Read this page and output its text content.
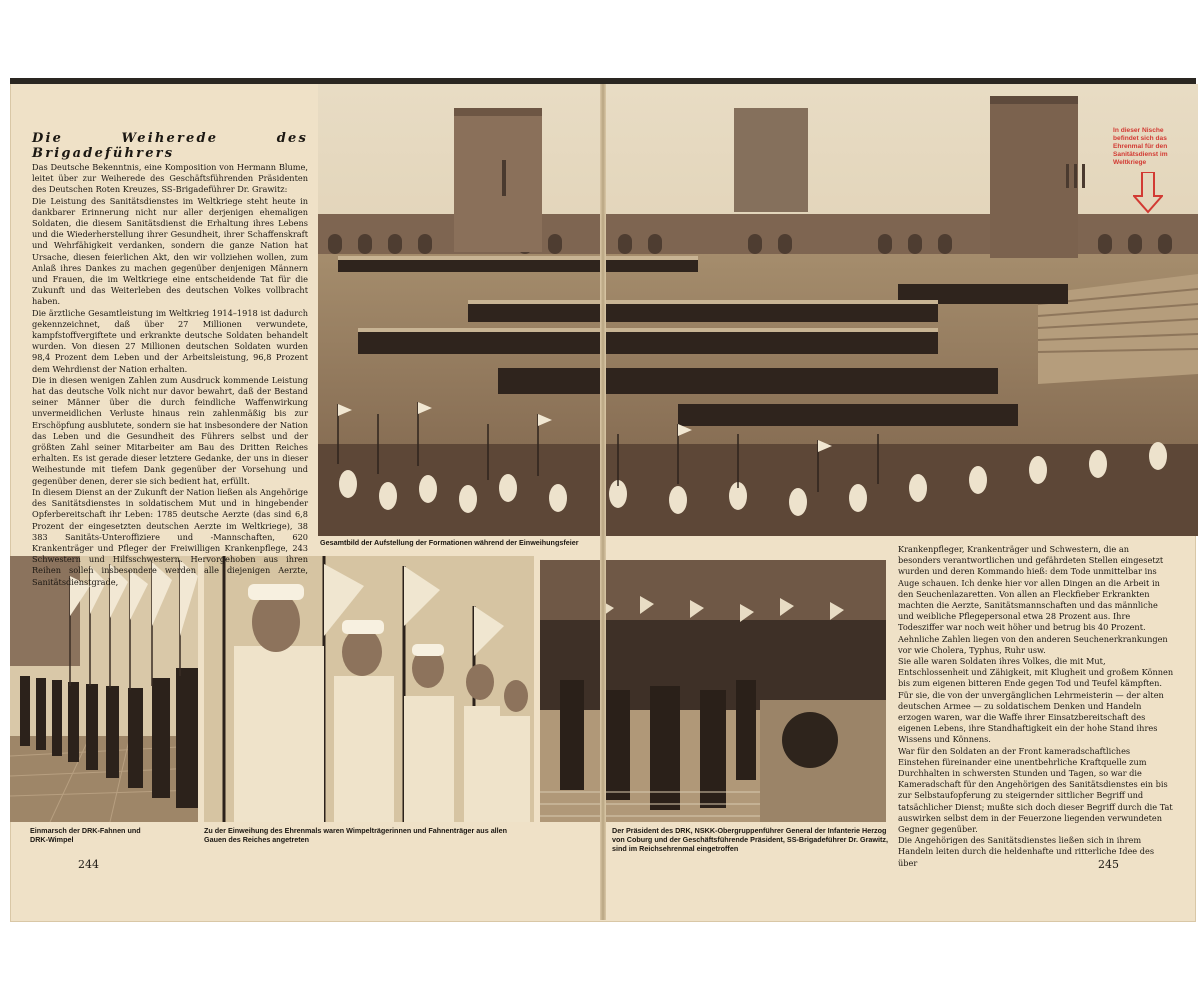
Die Weiherede des Brigadeführers

Das Deutsche Bekenntnis, eine Komposition von Hermann Blume, leitet über zur Weiherede des Geschäftsführenden Präsidenten des Deutschen Roten Kreuzes, SS-Brigadeführer Dr. Grawitz:

Die Leistung des Sanitätsdienstes im Weltkriege steht heute in dankbarer Erinnerung nicht nur aller derjenigen ehemaligen Soldaten, die diesem Sanitätsdienst die Erhaltung ihres Lebens und die Wiederherstellung ihrer Gesundheit, ihrer Schaffenskraft und Wehrfähigkeit verdanken, sondern die ganze Nation hat Ursache, diesen feierlichen Akt, den wir vollziehen wollen, zum Anlaß ihres Dankes zu machen gegenüber denjenigen Männern und Frauen, die im Weltkriege eine entscheidende Tat für die Zukunft und das Weiterleben des deutschen Volkes vollbracht haben.

Die ärztliche Gesamtleistung im Weltkrieg 1914–1918 ist dadurch gekennzeichnet, daß über 27 Millionen verwundete, kampfstoffvergiftete und erkrankte deutsche Soldaten behandelt wurden. Von diesen 27 Millionen deutschen Soldaten wurden 98,4 Prozent dem Leben und der Arbeitsleistung, 96,8 Prozent dem Wehrdienst der Nation erhalten.

Die in diesen wenigen Zahlen zum Ausdruck kommende Leistung hat das deutsche Volk nicht nur davor bewahrt, daß der Bestand seiner Männer über die durch feindliche Waffenwirkung unvermeidlichen Verluste hinaus rein zahlenmäßig bis zur Erschöpfung ausblutete, sondern sie hat insbesondere der Nation das Leben und die Gesundheit des Führers selbst und der größten Zahl seiner Mitarbeiter am Bau des Dritten Reiches erhalten. Es ist gerade dieser letztere Gedanke, der uns in dieser Weihestunde mit tiefem Dank gegenüber der Vorsehung und gegenüber denen, derer sie sich bedient hat, erfüllt.

In diesem Dienst an der Zukunft der Nation ließen als Angehörige des Sanitätsdienstes in soldatischem Mut und in hingebender Opferbereitschaft ihr Leben: 1785 deutsche Aerzte (das sind 6,8 Prozent der eingesetzten deutschen Aerzte im Weltkriege), 38 383 Sanitäts-Unteroffiziere und -Mannschaften, 620 Krankenträger und Pfleger der Freiwilligen Krankenpflege, 243 Schwestern und Hilfsschwestern. Hervorgehoben aus ihren Reihen sollen insbesondere werden alle diejenigen Aerzte, Sanitätsdienstgrade,

Krankenpfleger, Krankenträger und Schwestern, die an besonders verantwortlichen und gefährdeten Stellen eingesetzt wurden und deren Kommando hieß: dem Tode unmittelbar ins Auge schauen. Ich denke hier vor allen Dingen an die Arbeit in den Seuchenlazaretten. Von allen an Fleckfieber Erkrankten machten die Aerzte, Sanitätsmannschaften und das männliche und weibliche Pflegepersonal etwa 28 Prozent aus. Ihre Todesziffer war noch weit höher und betrug bis 40 Prozent. Aehnliche Zahlen liegen von den anderen Seuchenerkrankungen vor wie Cholera, Typhus, Ruhr usw.

Sie alle waren Soldaten ihres Volkes, die mit Mut, Entschlossenheit und Zähigkeit, mit Klugheit und großem Können bis zum eigenen bitteren Ende gegen Tod und Teufel kämpften. Für sie, die von der unvergänglichen Lehrmeisterin — der alten deutschen Armee — zu soldatischem Denken und Handeln erzogen waren, war die Waffe ihrer Einsatzbereitschaft des eigenen Lebens, ihre Standhaftigkeit ein der hohe Stand ihres Wissens und Könnens.

War für den Soldaten an der Front kameradschaftliches Einstehen füreinander eine unentbehrliche Kraftquelle zum Durchhalten in schwersten Stunden und Tagen, so war die Kameradschaft für den Angehörigen des Sanitätsdienstes ein bis zur Selbstaufopferung zu steigernder sittlicher Begriff und tatsächlicher Dienst; mußte sich doch dieser Begriff durch die Tat auswirken selbst dem in der Feuerzone liegenden verwundeten Gegner gegenüber.

Die Angehörigen des Sanitätsdienstes ließen sich in ihrem Handeln leiten durch die heldenhafte und ritterliche Idee des über

Gesamtbild der Aufstellung der Formationen während der Einweihungsfeier
Einmarsch der DRK-Fahnen und DRK-Wimpel
Zu der Einweihung des Ehrenmals waren Wimpelträgerinnen und Fahnenträger aus allen Gauen des Reiches angetreten
Der Präsident des DRK, NSKK-Obergruppenführer General der Infanterie Herzog von Coburg und der Geschäftsführende Präsident, SS-Brigadeführer Dr. Grawitz, sind im Reichsehrenmal eingetroffen
244	245
In dieser Nische befindet sich das Ehrenmal für den Sanitätsdienst im Weltkriege
